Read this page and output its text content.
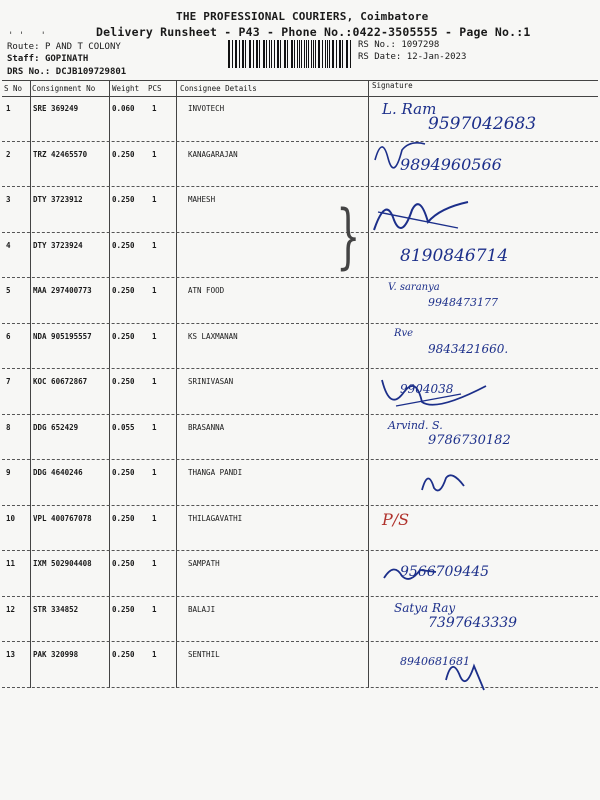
' '   '
THE PROFESSIONAL COURIERS, Coimbatore
Delivery Runsheet - P43 - Phone No.:0422-3505555 - Page No.:1
Route: P AND T COLONY
Staff: GOPINATH
DRS No.: DCJB109729801
RS No.: 1097298
RS Date: 12-Jan-2023
S No Consignment No Weight PCS Consignee Details	Signature
1	SRE 369249	0.060 1	INVOTECH	L. Ram
9597042683
2	TRZ 42465570	0.250 1	KANAGARAJAN
9894960566
3	DTY 3723912	0.250 1	MAHESH
4	DTY 3723924	0.250 1
8190846714
5	MAA 297400773	0.250 1	ATN FOOD	V. saranya
9948473177
6	NDA 905195557	0.250 1	KS LAXMANAN	Rve
9843421660.
7	KOC 60672867	0.250 1	SRINIVASAN
9904038
8	DDG 652429	0.055 1	BRASANNA	Arvind. S.
9786730182
9	DDG 4640246	0.250 1	THANGA PANDI
10 VPL 400767078	0.250 1	THILAGAVATHI	P/S
11 IXM 502904408	0.250 1	SAMPATH
9566709445
12 STR 334852	0.250 1	BALAJI	Satya Ray
7397643339
13 PAK 320998	0.250 1	SENTHIL
8940681681
}
